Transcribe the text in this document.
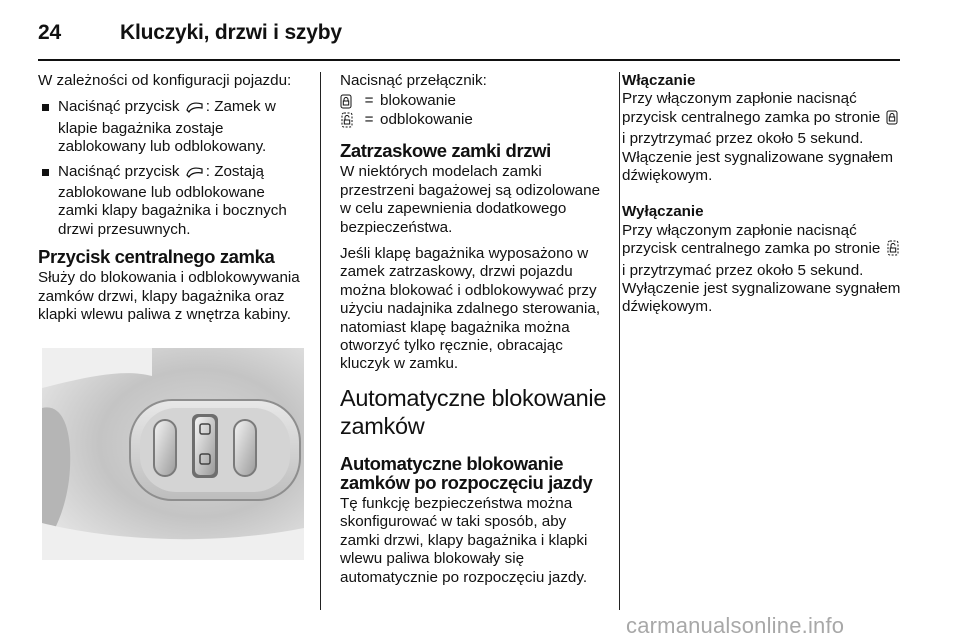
24	Kluczyki, drzwi i szyby

W zależności od konfiguracji pojazdu:

Naciśnąć przycisk : Zamek w klapie bagażnika zostaje zablokowany lub odblokowany.
Naciśnąć przycisk : Zostają zablokowane lub odblokowane zamki klapy bagażnika i bocznych drzwi przesuwnych.
Przycisk centralnego zamka

Służy do blokowania i odblokowywania zamków drzwi, klapy bagażnika oraz klapki wlewu paliwa z wnętrza kabiny.

Nacisnąć przełącznik:

= blokowanie
= odblokowanie
Zatrzaskowe zamki drzwi

W niektórych modelach zamki przestrzeni bagażowej są odizolowane w celu zapewnienia dodatkowego bezpieczeństwa.

Jeśli klapę bagażnika wyposażono w zamek zatrzaskowy, drzwi pojazdu można blokować i odblokowywać przy użyciu nadajnika zdalnego sterowania, natomiast klapę bagażnika można otworzyć tylko ręcznie, obracając kluczyk w zamku.

Automatyczne blokowanie zamków
Automatyczne blokowanie zamków po rozpoczęciu jazdy

Tę funkcję bezpieczeństwa można skonfigurować w taki sposób, aby zamki drzwi, klapy bagażnika i klapki wlewu paliwa blokowały się automatycznie po rozpoczęciu jazdy.

Włączanie

Przy włączonym zapłonie nacisnąć przycisk centralnego zamka po stronie  i przytrzymać przez około 5 sekund. Włączenie jest sygnalizowane sygnałem dźwiękowym.

Wyłączanie

Przy włączonym zapłonie nacisnąć przycisk centralnego zamka po stronie  i przytrzymać przez około 5 sekund. Wyłączenie jest sygnalizowane sygnałem dźwiękowym.

carmanualsonline.info
